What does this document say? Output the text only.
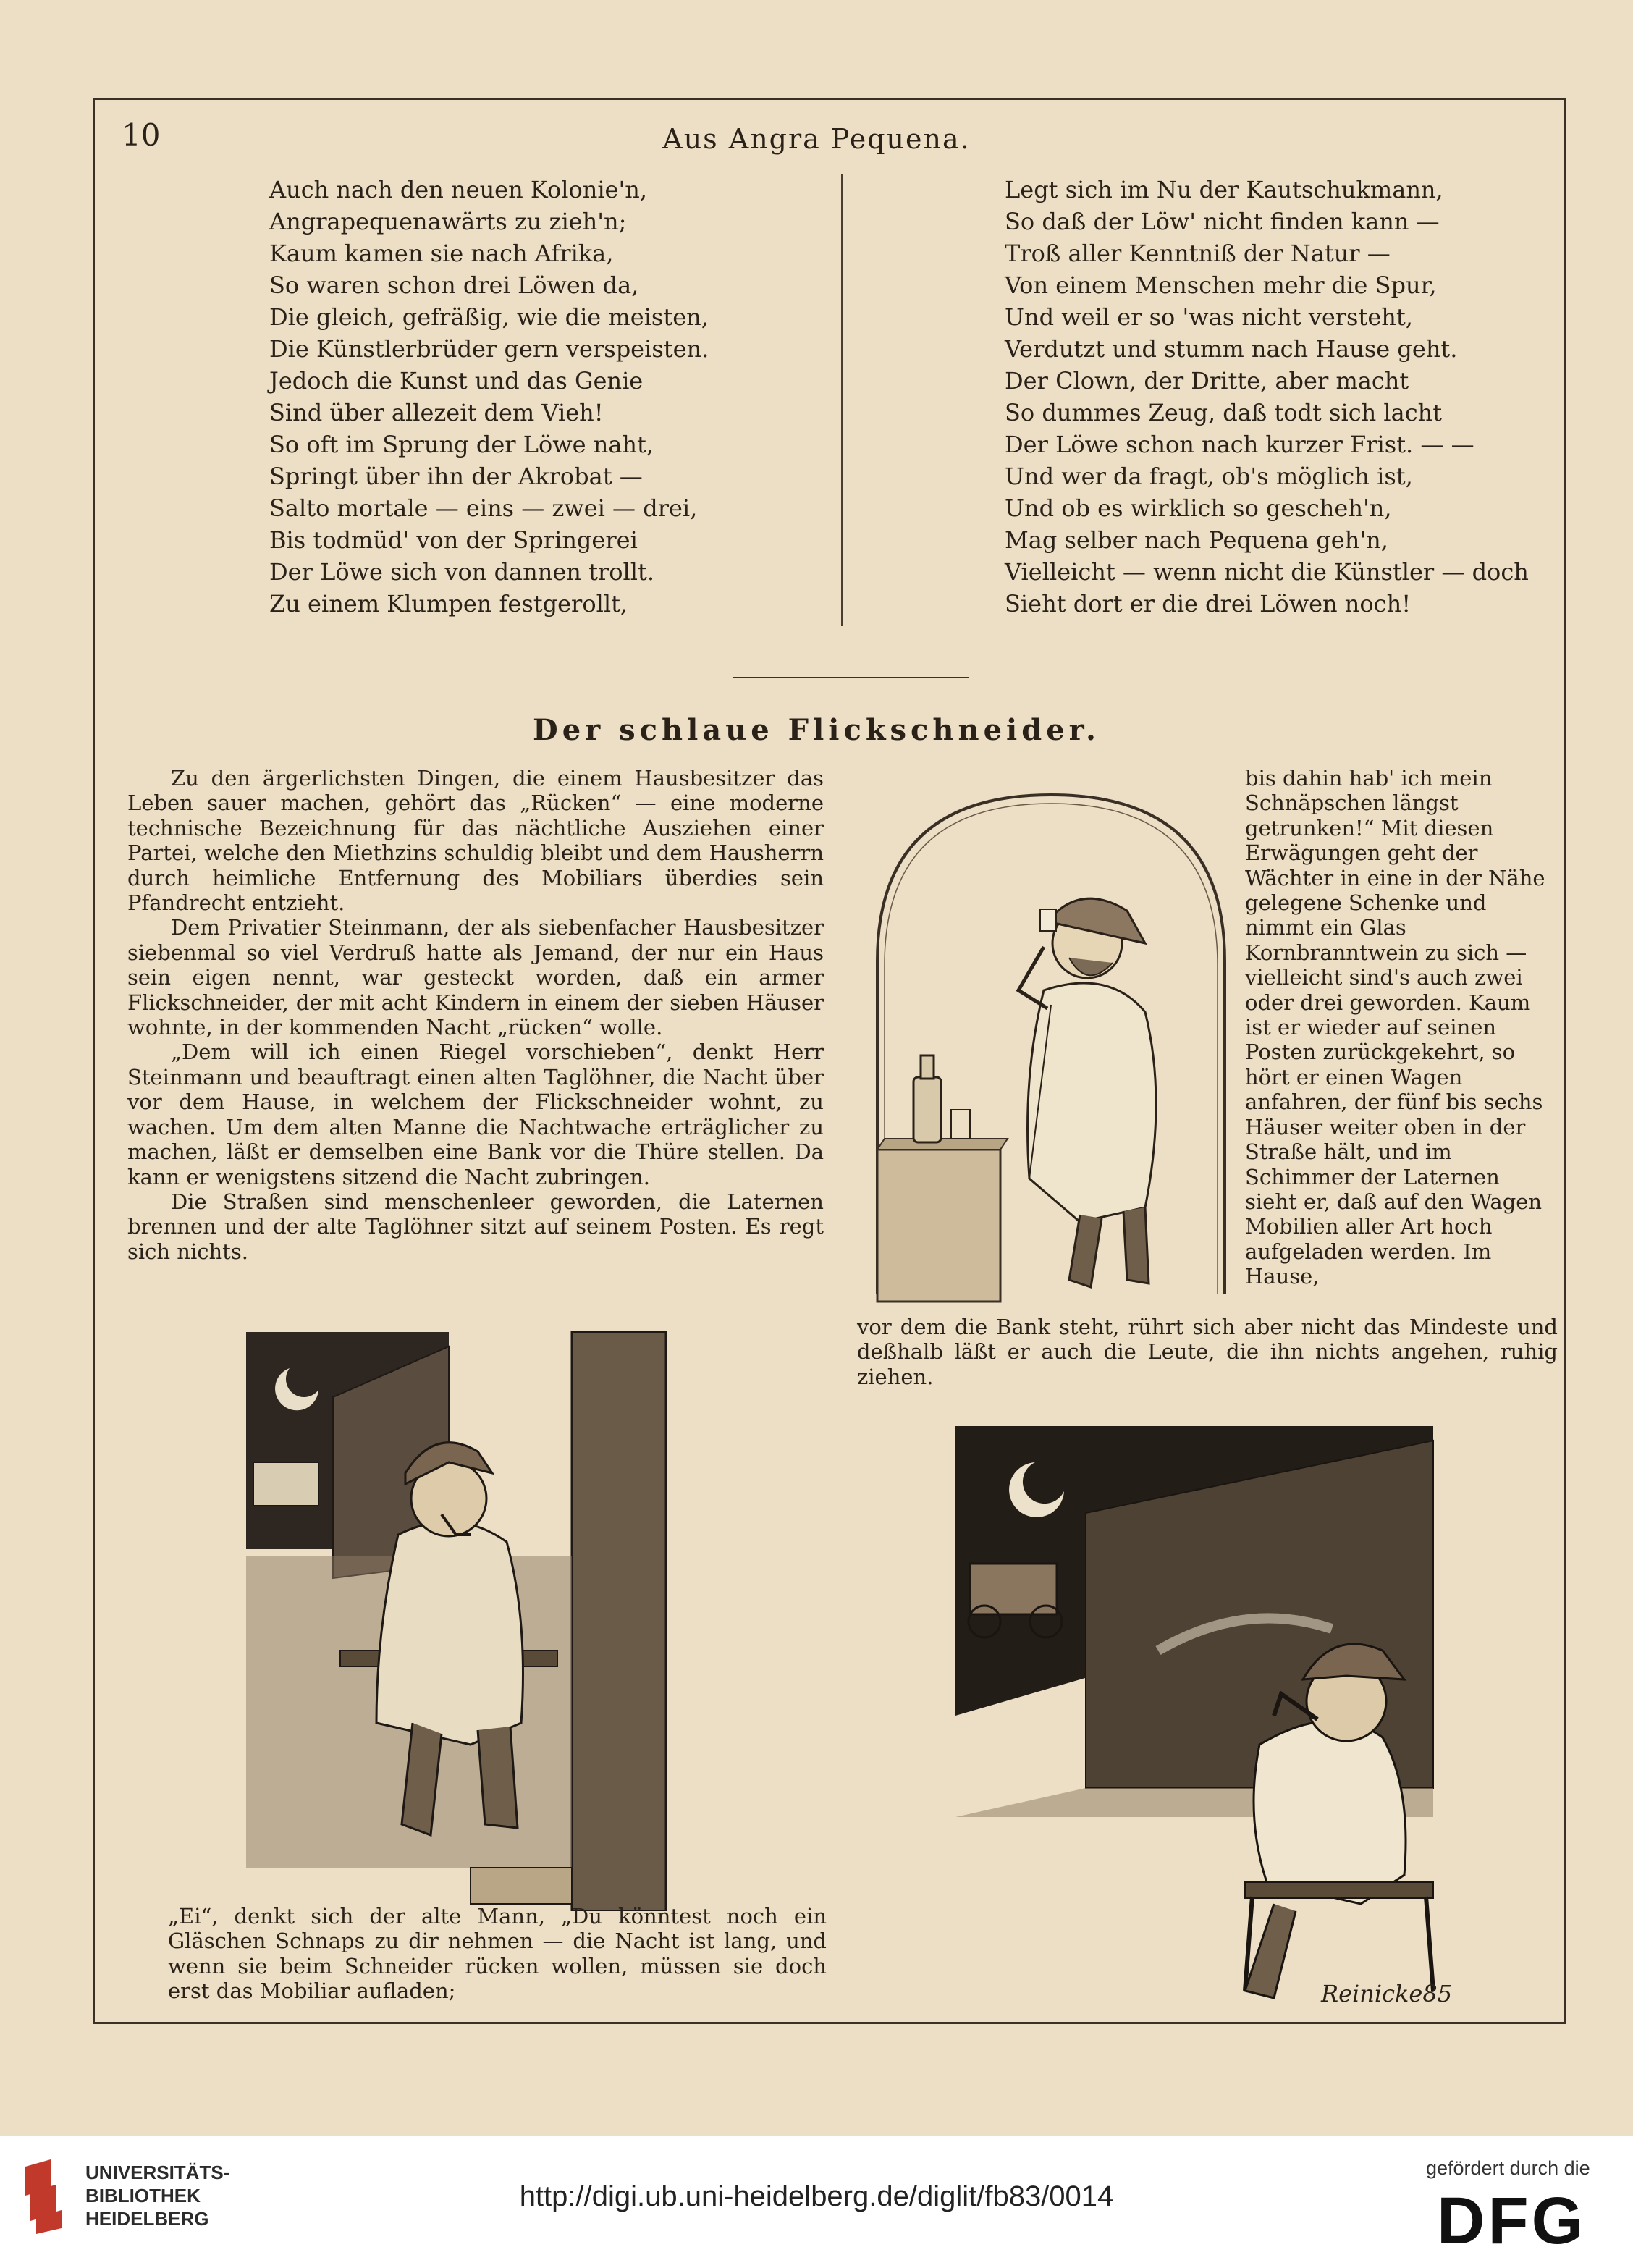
10	Aus Angra Pequena.
Auch nach den neuen Kolonie'n,
Angrapequenawärts zu zieh'n;
Kaum kamen sie nach Afrika,
So waren schon drei Löwen da,
Die gleich, gefräßig, wie die meisten,
Die Künstlerbrüder gern verspeisten.
Jedoch die Kunst und das Genie
Sind über allezeit dem Vieh!
So oft im Sprung der Löwe naht,
Springt über ihn der Akrobat —
Salto mortale — eins — zwei — drei,
Bis todmüd' von der Springerei
Der Löwe sich von dannen trollt.
Zu einem Klumpen festgerollt,
Legt sich im Nu der Kautschukmann,
So daß der Löw' nicht finden kann —
Troß aller Kenntniß der Natur —
Von einem Menschen mehr die Spur,
Und weil er so 'was nicht versteht,
Verdutzt und stumm nach Hause geht.
Der Clown, der Dritte, aber macht
So dummes Zeug, daß todt sich lacht
Der Löwe schon nach kurzer Frist. — —
Und wer da fragt, ob's möglich ist,
Und ob es wirklich so gescheh'n,
Mag selber nach Pequena geh'n,
Vielleicht — wenn nicht die Künstler — doch
Sieht dort er die drei Löwen noch!
Der schlaue Flickschneider.

Zu den ärgerlichsten Dingen, die einem Hausbesitzer das Leben sauer machen, gehört das „Rücken“ — eine moderne technische Bezeichnung für das nächtliche Ausziehen einer Partei, welche den Miethzins schuldig bleibt und dem Hausherrn durch heimliche Entfernung des Mobiliars überdies sein Pfandrecht entzieht.

Dem Privatier Steinmann, der als siebenfacher Hausbesitzer siebenmal so viel Verdruß hatte als Jemand, der nur ein Haus sein eigen nennt, war gesteckt worden, daß ein armer Flickschneider, der mit acht Kindern in einem der sieben Häuser wohnte, in der kommenden Nacht „rücken“ wolle.

„Dem will ich einen Riegel vorschieben“, denkt Herr Steinmann und beauftragt einen alten Taglöhner, die Nacht über vor dem Hause, in welchem der Flickschneider wohnt, zu wachen. Um dem alten Manne die Nachtwache erträglicher zu machen, läßt er demselben eine Bank vor die Thüre stellen. Da kann er wenigstens sitzend die Nacht zubringen.

Die Straßen sind menschenleer geworden, die Laternen brennen und der alte Taglöhner sitzt auf seinem Posten. Es regt sich nichts.

bis dahin hab' ich mein Schnäpschen längst getrunken!“ Mit diesen Erwägungen geht der Wächter in eine in der Nähe gelegene Schenke und nimmt ein Glas Kornbranntwein zu sich — vielleicht sind's auch zwei oder drei geworden. Kaum ist er wieder auf seinen Posten zurückgekehrt, so hört er einen Wagen anfahren, der fünf bis sechs Häuser weiter oben in der Straße hält, und im Schimmer der Laternen sieht er, daß auf den Wagen Mobilien aller Art hoch aufgeladen werden. Im Hause,
vor dem die Bank steht, rührt sich aber nicht das Mindeste und deßhalb läßt er auch die Leute, die ihn nichts angehen, ruhig ziehen.
„Ei“, denkt sich der alte Mann, „Du könntest noch ein Gläschen Schnaps zu dir nehmen — die Nacht ist lang, und wenn sie beim Schneider rücken wollen, müssen sie doch erst das Mobiliar aufladen;	Reinicke85
UNIVERSITÄTS-
BIBLIOTHEK
HEIDELBERG
http://digi.ub.uni-heidelberg.de/diglit/fb83/0014
gefördert durch die
DFG
